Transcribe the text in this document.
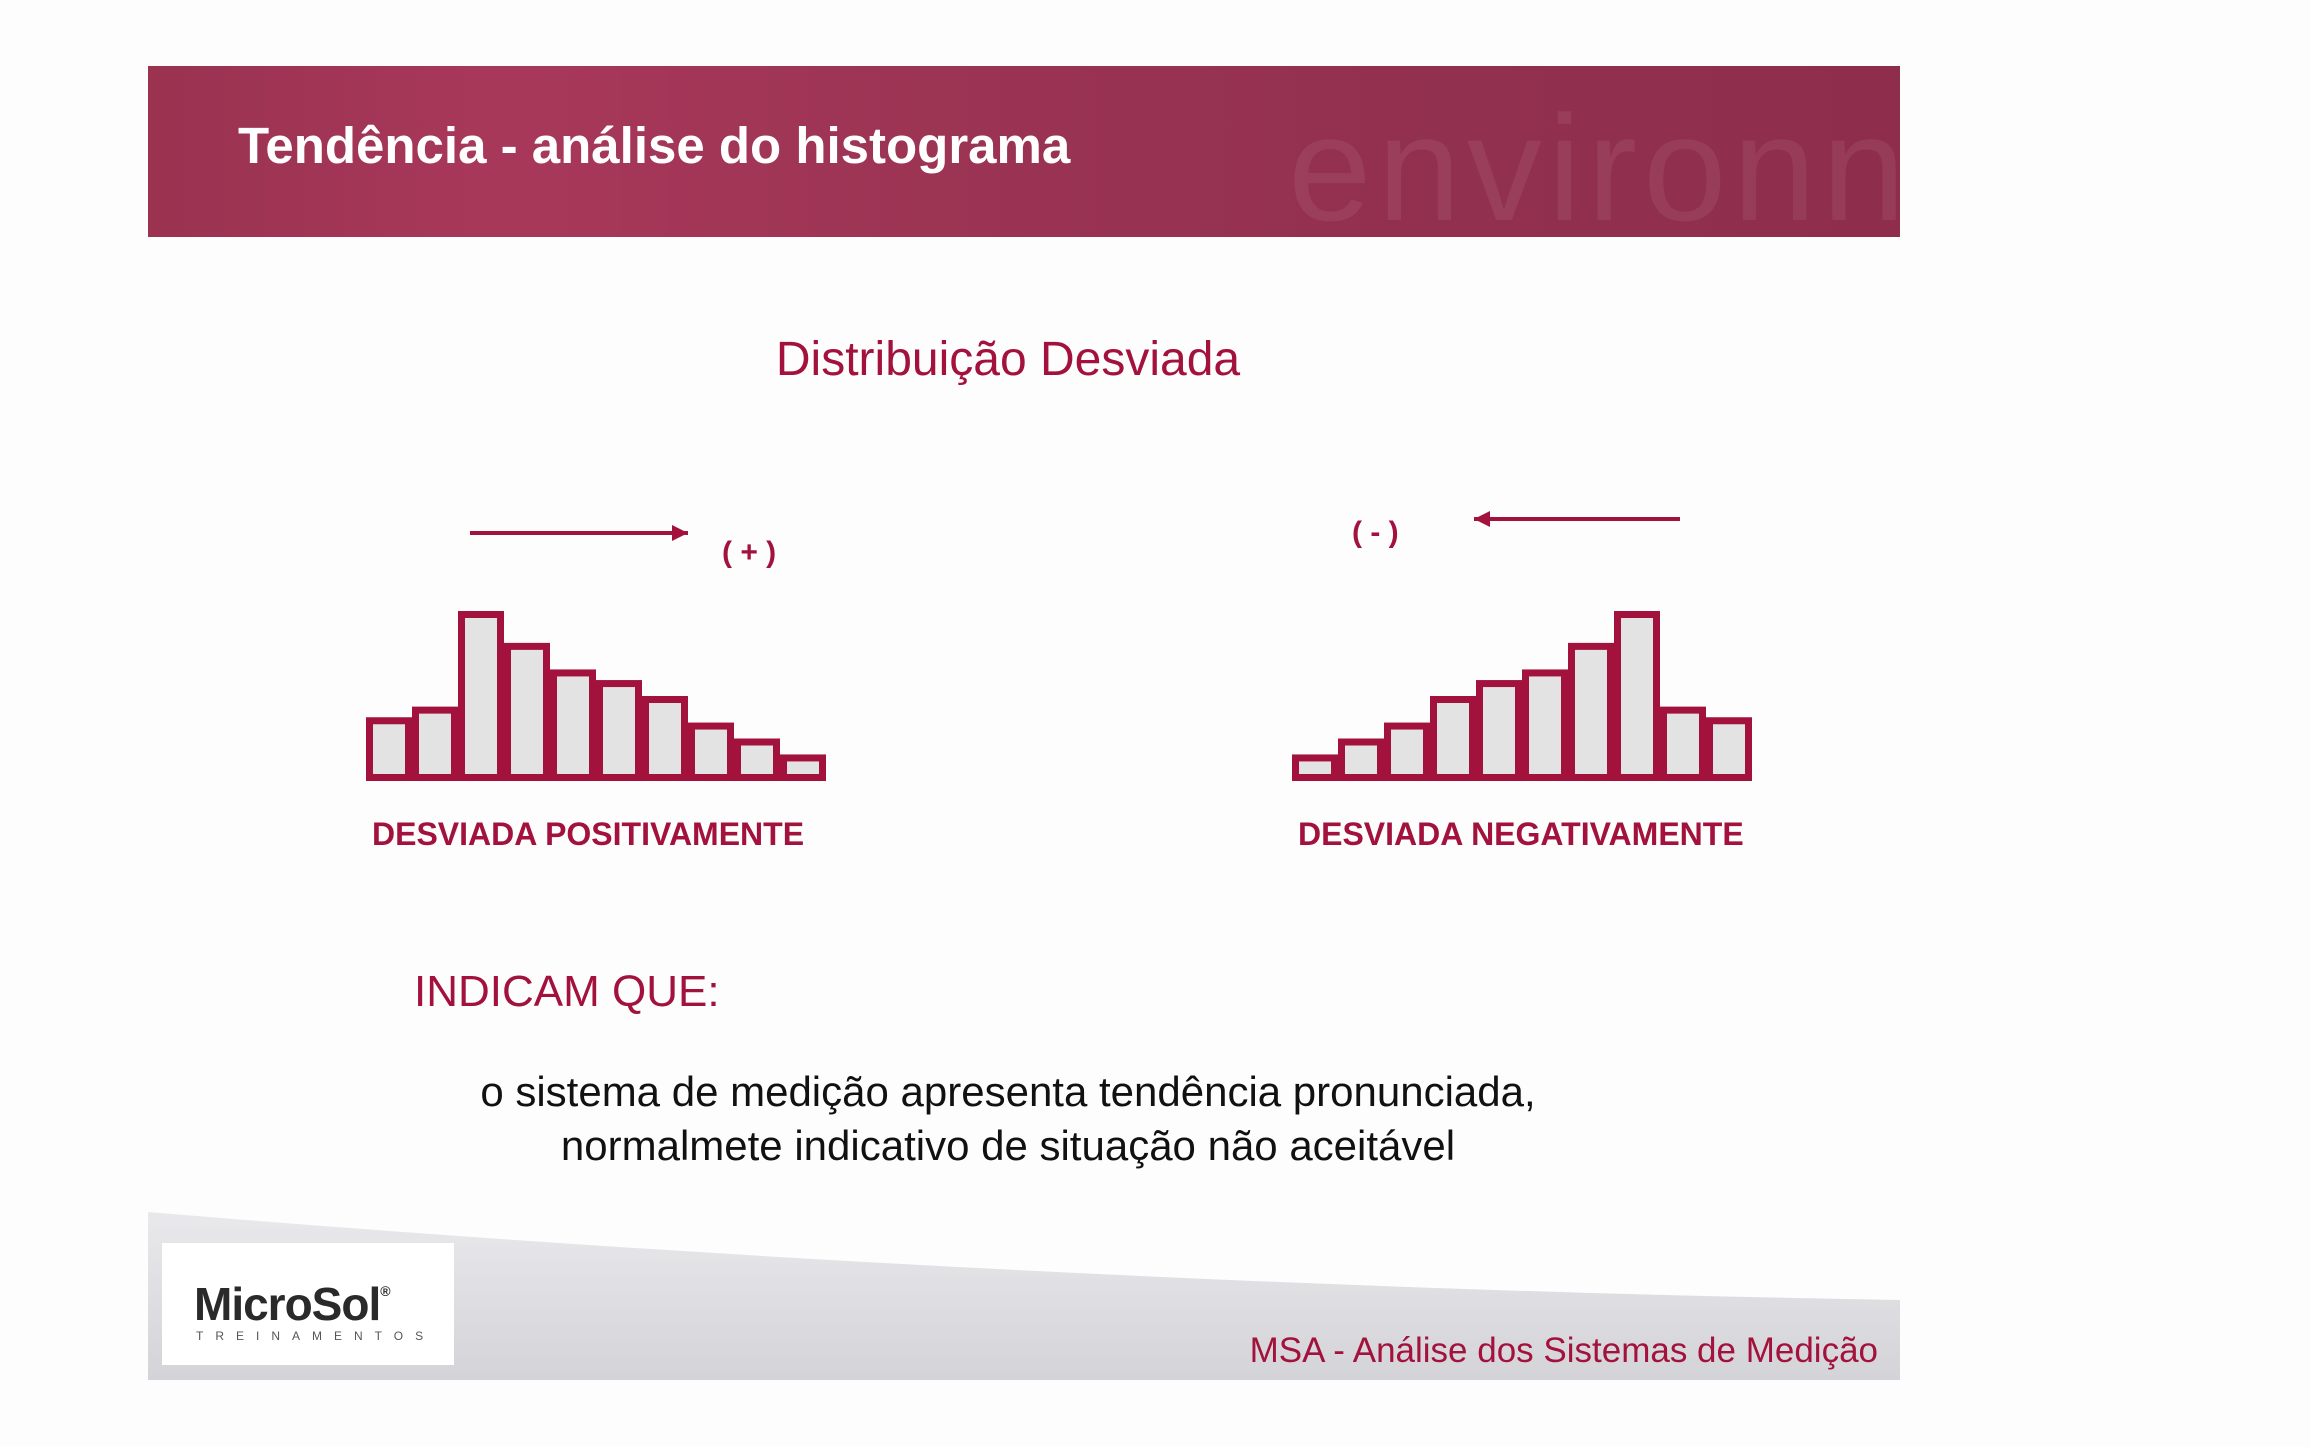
environnemen
Tendência - análise do histograma
Distribuição Desviada
( + )
( - )
DESVIADA POSITIVAMENTE	DESVIADA NEGATIVAMENTE
INDICAM QUE:
o sistema de medição apresenta tendência pronunciada,
normalmete indicativo de situação não aceitável
MicroSol®
TREINAMENTOS	MSA - Análise dos Sistemas de Medição
